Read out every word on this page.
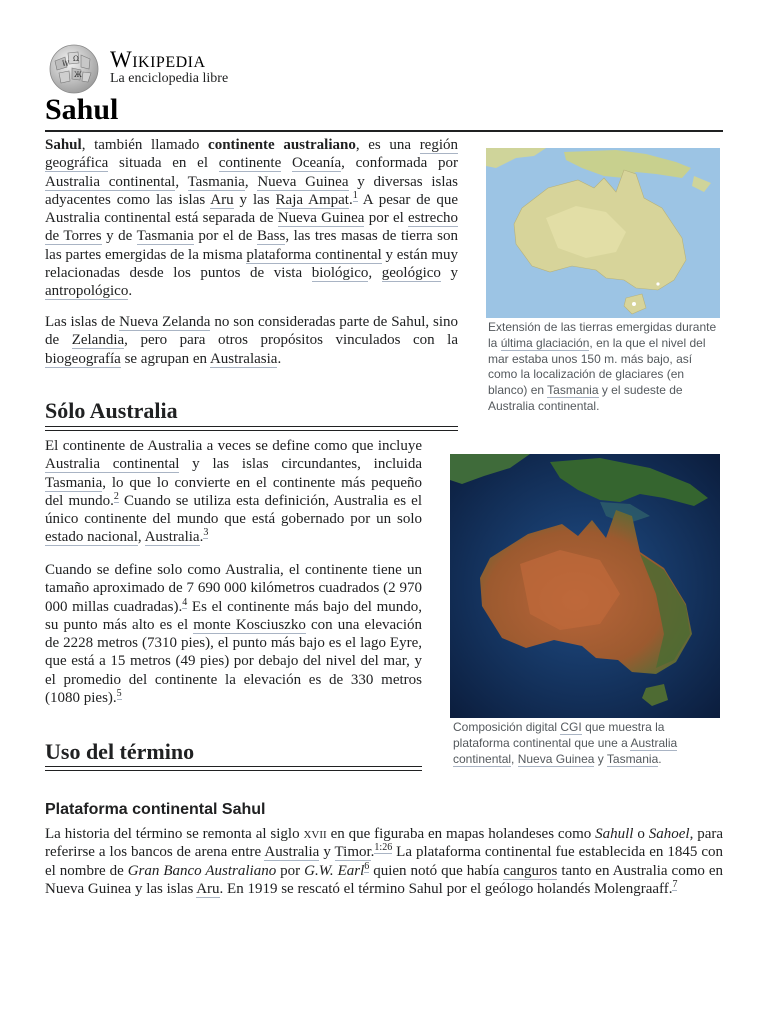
W
Ω
Ж
Wikipedia
La enciclopedia libre
Sahul

Sahul, también llamado continente australiano, es una región geográfica situada en el continente Oceanía, conformada por Australia continental, Tasmania, Nueva Guinea y diversas islas adyacentes como las islas Aru y las Raja Ampat.$^1$ A pesar de que Australia continental está separada de Nueva Guinea por el estrecho de Torres y de Tasmania por el de Bass, las tres masas de tierra son las partes emergidas de la misma plataforma continental y están muy relacionadas desde los puntos de vista biológico, geológico y antropológico.

Las islas de Nueva Zelanda no son consideradas parte de Sahul, sino de Zelandia, pero para otros propósitos vinculados con la biogeografía se agrupan en Australasia.

Extensión de las tierras emergidas durante la última glaciación, en la que el nivel del mar estaba unos 150 m. más bajo, así como la localización de glaciares (en blanco) en Tasmania y el sudeste de Australia continental.
Sólo Australia

El continente de Australia a veces se define como que incluye Australia continental y las islas circundantes, incluida Tasmania, lo que lo convierte en el continente más pequeño del mundo.$^2$ Cuando se utiliza esta definición, Australia es el único continente del mundo que está gobernado por un solo estado nacional, Australia.$^3$

Cuando se define solo como Australia, el continente tiene un tamaño aproximado de 7 690 000 kilómetros cuadrados (2 970 000 millas cuadradas).$^4$ Es el continente más bajo del mundo, su punto más alto es el monte Kosciuszko con una elevación de 2228 metros (7310 pies), el punto más bajo es el lago Eyre, que está a 15 metros (49 pies) por debajo del nivel del mar, y el promedio del continente la elevación es de 330 metros (1080 pies).$^5$

Composición digital CGI que muestra la plataforma continental que une a Australia continental, Nueva Guinea y Tasmania.
Uso del término
Plataforma continental Sahul

La historia del término se remonta al siglo xvii en que figuraba en mapas holandeses como Sahull o Sahoel, para referirse a los bancos de arena entre Australia y Timor.$^{1:26}$ La plataforma continental fue establecida en 1845 con el nombre de Gran Banco Australiano por G.W. Earl$^6$ quien notó que había canguros tanto en Australia como en Nueva Guinea y las islas Aru. En 1919 se rescató el término Sahul por el geólogo holandés Molengraaff.$^7$
